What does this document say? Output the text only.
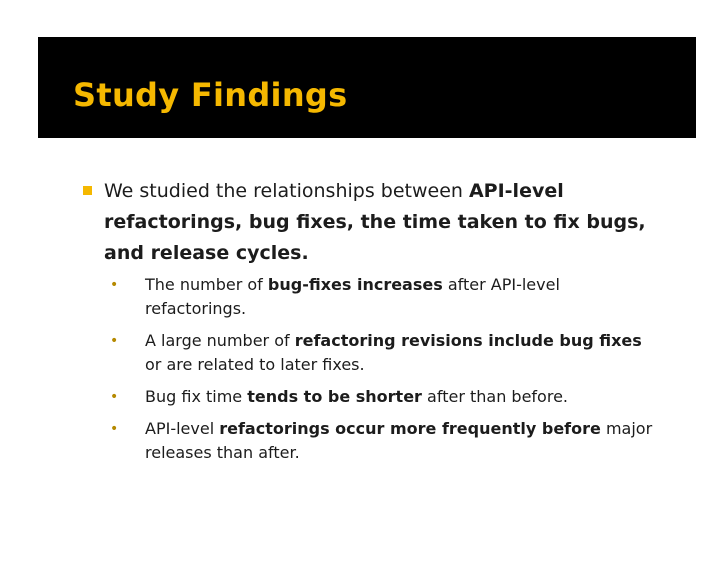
Study Findings
We studied the relationships between API-level refactorings, bug fixes, the time taken to fix bugs, and release cycles.
• The number of bug-fixes increases after API-level refactorings.
• A large number of refactoring revisions include bug fixes or are related to later fixes.
• Bug fix time tends to be shorter after than before.
• API-level refactorings occur more frequently before major releases than after.
